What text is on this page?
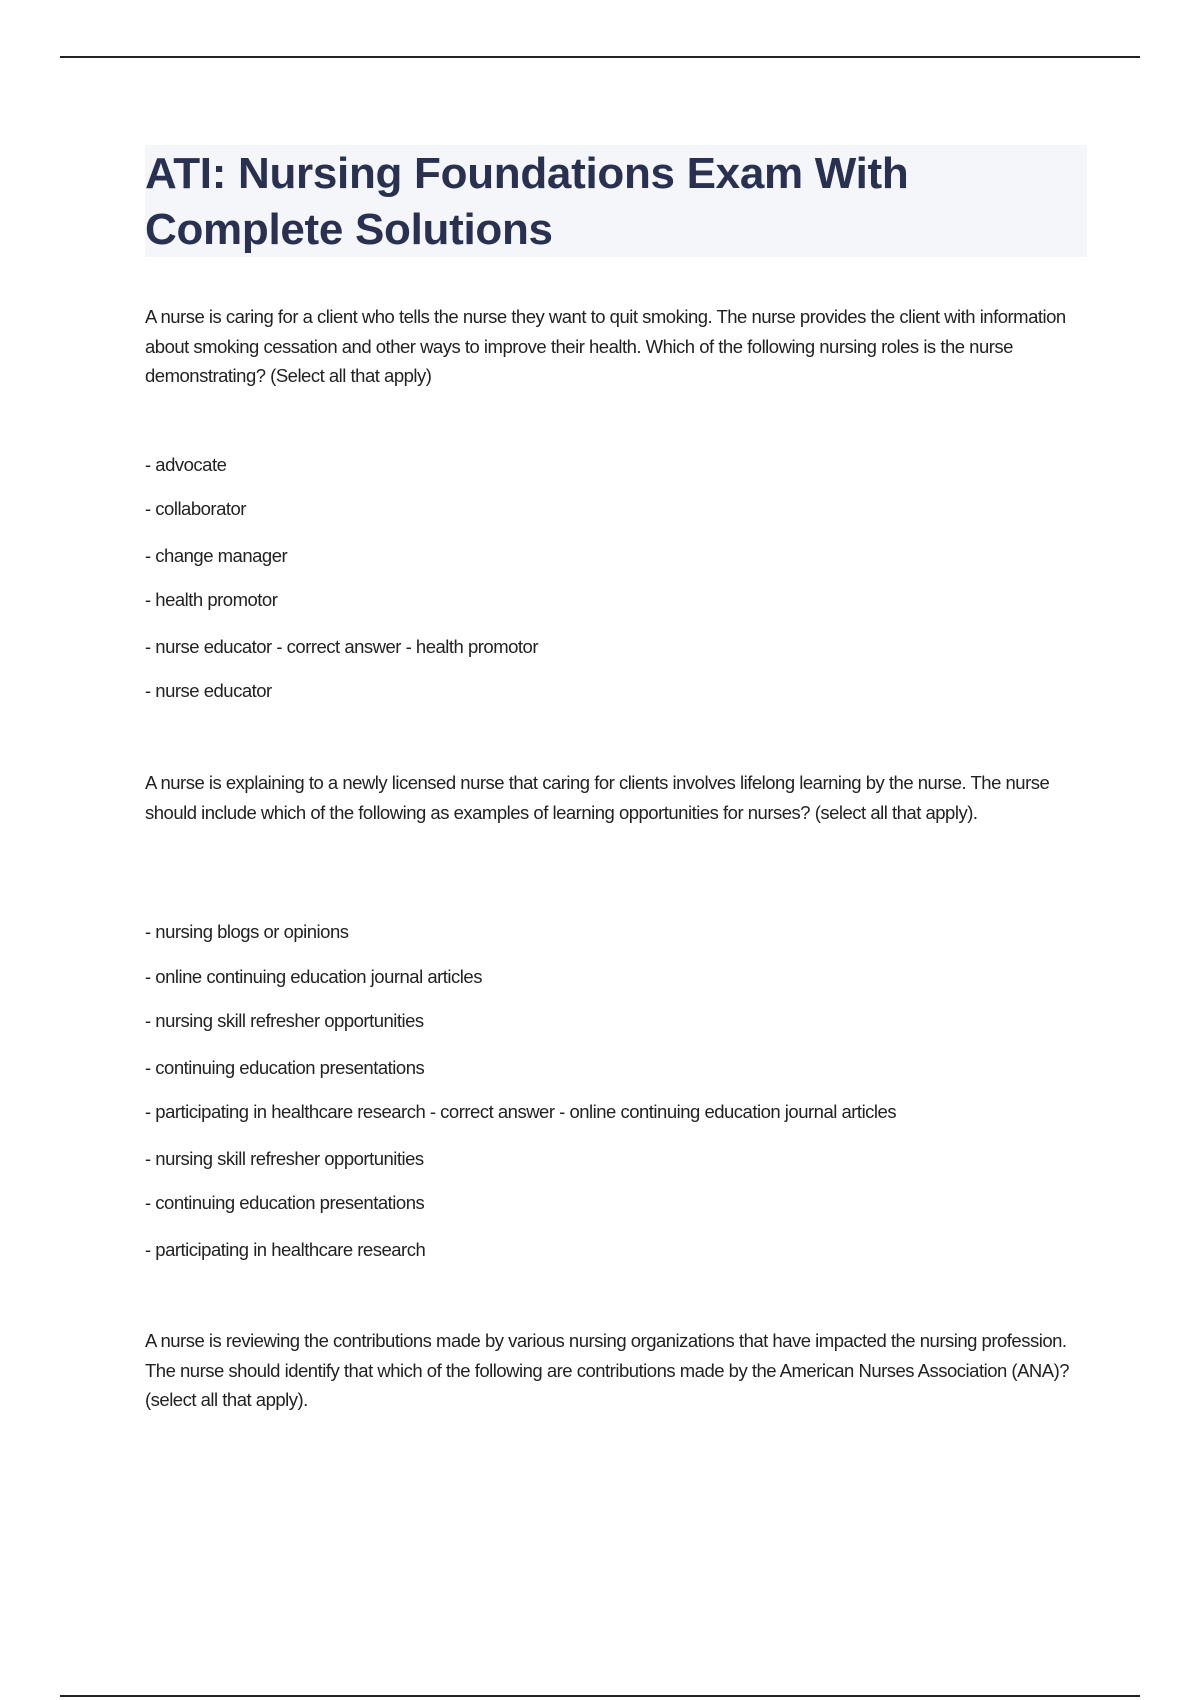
ATI: Nursing Foundations Exam With Complete Solutions

A nurse is caring for a client who tells the nurse they want to quit smoking. The nurse provides the client with information about smoking cessation and other ways to improve their health. Which of the following nursing roles is the nurse demonstrating? (Select all that apply)

- advocate

- collaborator

- change manager

- health promotor

- nurse educator - correct answer - health promotor

- nurse educator

A nurse is explaining to a newly licensed nurse that caring for clients involves lifelong learning by the nurse. The nurse should include which of the following as examples of learning opportunities for nurses? (select all that apply).

- nursing blogs or opinions

- online continuing education journal articles

- nursing skill refresher opportunities

- continuing education presentations

- participating in healthcare research - correct answer - online continuing education journal articles

- nursing skill refresher opportunities

- continuing education presentations

- participating in healthcare research

A nurse is reviewing the contributions made by various nursing organizations that have impacted the nursing profession. The nurse should identify that which of the following are contributions made by the American Nurses Association (ANA)? (select all that apply).
